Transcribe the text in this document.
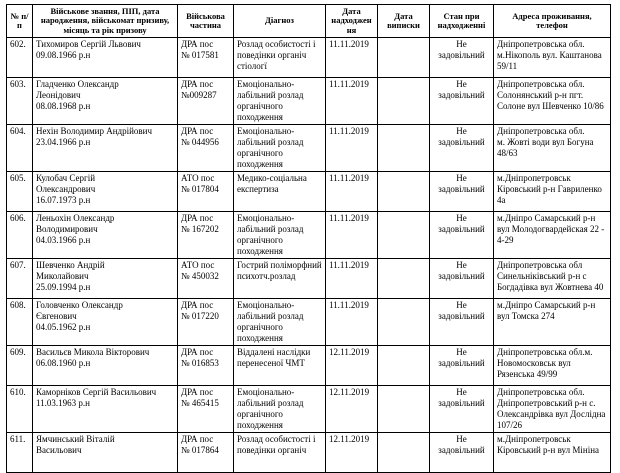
№ п/п	Військове звання, ПІП, дата народження, військомат призиву, місяць та рік призову	Військова частина	Діагноз	Дата надходження	Дата виписки	Стан при надходженні	Адреса проживання, телефон
602.	Тихомиров Сергій Львович
09.08.1966 р.н	ДРА пос
№ 017581	Розлад особистості і
поведінки органіч
стіологї	11.11.2019		Не
задовільний	Дніпропетровська обл.
м.Нікополь вул. Каштанова
59/11
603.	Гладченко Олександр
Леонідович
08.08.1968 р.н	ДРА пос
№009287	Емоціонально-
лабільний розлад
органічного
походження	11.11.2019		Не
задовільний	Дніпропетровська обл.
Солонянський р-н пгт.
Солоне вул Шевченко 10/86
604.	Нехін Володимир Андрійович
23.04.1966 р.н	ДРА пос
№ 044956	Емоціонально-
лабільний розлад
органічного
походження	11.11.2019		Не
задовільний	Дніпропетровська обл.
м. Жовті води вул Богуна 48/63
605.	Кулобач Сергій
Олександрович
16.07.1973 р.н	АТО пос
№ 017804	Медико-соціальна
експертиза	11.11.2019		Не
задовільний	м.Дніпропетровськ
Кіровський р-н Гавриленко
4а
606.	Леньохін Олександр
Володимирович
04.03.1966 р.н	ДРА пос
№ 167202	Емоціонально-
лабільний розлад
органічного
походження	11.11.2019		Не
задовільний	м.Дніпро Самарський р-н
вул Молодогвардейская 22 -
4-29
607.	Шевченко Андрій
Миколайович
25.09.1994 р.н	АТО пос
№ 450032	Гострий поліморфний
психотч.розлад	11.11.2019		Не
задовільний	Дніпропетровська обл
Синельніківський р-н с
Богдадівка вул Жовтнева 40
608.	Головченко Олександр
Євгенович
04.05.1962 р.н	ДРА пос
№ 017220	Емоціонально-
лабільний розлад
органічного
походження	11.11.2019		Не
задовільний	м.Дніпро Самарський р-н
вул Томска 274
609.	Васильєв Микола Вікторович
06.08.1960 р.н	ДРА пос
№ 016853	Віддалені наслідки
перенесеної ЧМТ	12.11.2019		Не
задовільний	Дніпропетровська обл.м.
Новомосковськ вул
Рязенська 49/99
610.	Каморніков Сергій Васильович
11.03.1963 р.н	ДРА пос
№ 465415	Емоціонально-
лабільний розлад
органічного
походження	12.11.2019		Не
задовільний	Дніпропетровська обл.
Дніпропетровський р-н с.
Олександрівка вул Дослідна
107/26
611.	Ямчинський Віталій
Васильович	ДРА пос
№ 017864	Розлад особистості і
поведінки органіч	12.11.2019		Не
задовільний	м.Дніпропетровськ
Кіровський р-н вул Мініна
